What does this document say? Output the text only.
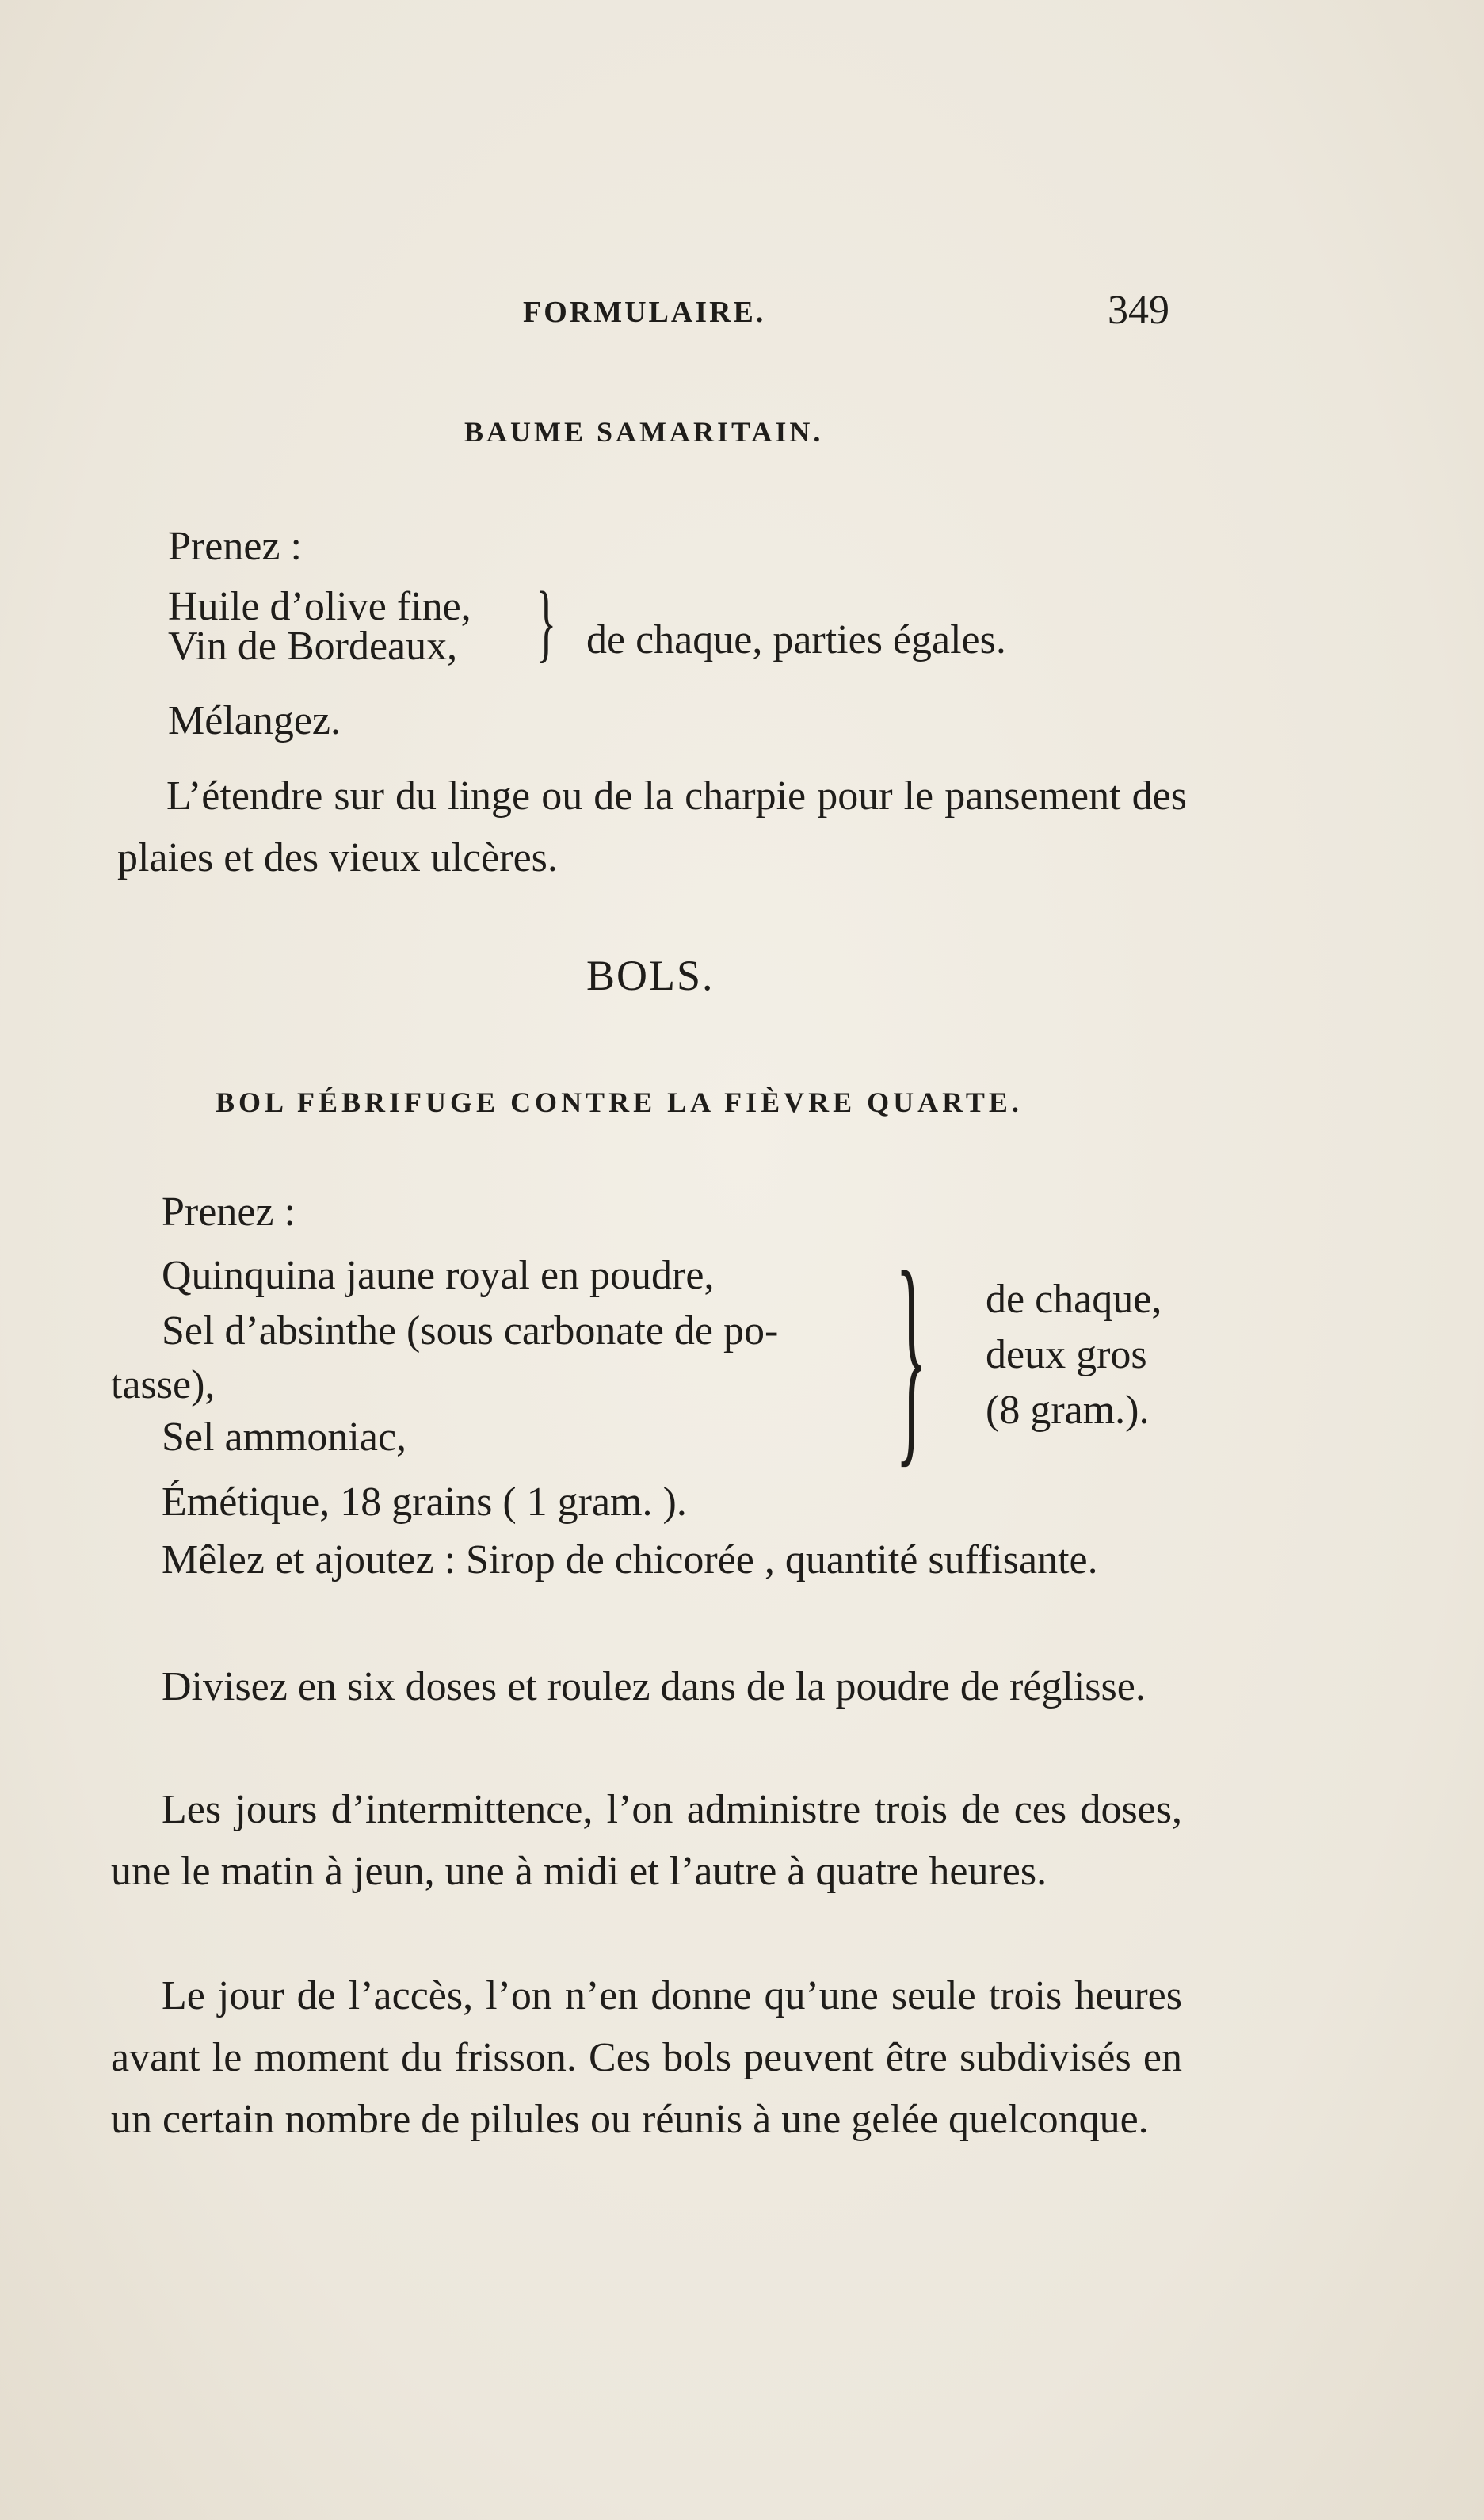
FORMULAIRE.	349
BAUME SAMARITAIN.
Prenez :
Huile d’olive fine,
Vin de Bordeaux, } de chaque, parties égales.
Mélangez.
L’étendre sur du linge ou de la charpie pour le pansement des plaies et des vieux ulcères.
BOLS.
BOL FÉBRIFUGE CONTRE LA FIÈVRE QUARTE.
Prenez :
Quinquina jaune royal en poudre,
Sel d’absinthe (sous carbonate de po-
tasse),
Sel ammoniac, } de chaque,
deux gros
(8 gram.).
Émétique, 18 grains ( 1 gram. ).
Mêlez et ajoutez : Sirop de chicorée , quantité suffisante.
Divisez en six doses et roulez dans de la poudre de réglisse.
Les jours d’intermittence, l’on administre trois de ces doses, une le matin à jeun, une à midi et l’autre à quatre heures.
Le jour de l’accès, l’on n’en donne qu’une seule trois heures avant le moment du frisson. Ces bols peuvent être subdivisés en un certain nombre de pilules ou réunis à une gelée quelconque.
